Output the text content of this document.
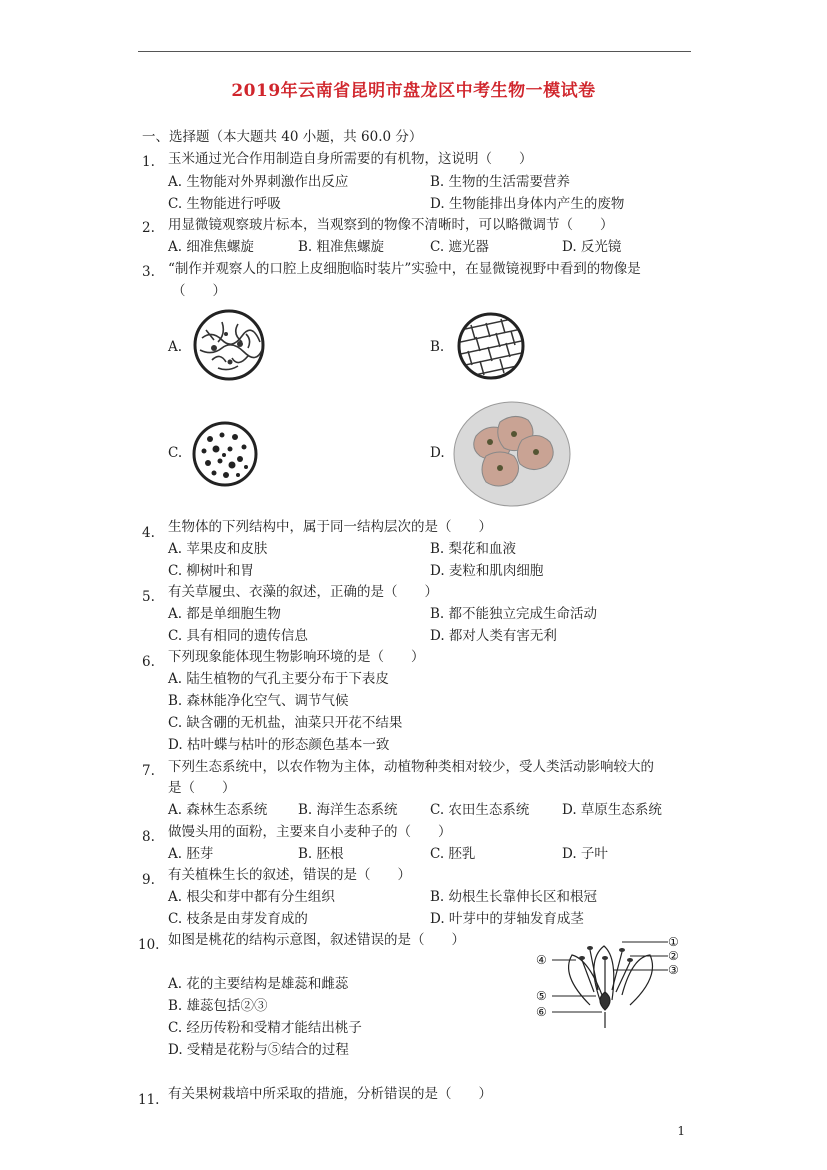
2019年云南省昆明市盘龙区中考生物一模试卷
一、选择题（本大题共 40 小题，共 60.0 分）
1. 玉米通过光合作用制造自身所需要的有机物，这说明（　　）
A. 生物能对外界刺激作出反应	B. 生物的生活需要营养
C. 生物能进行呼吸	D. 生物能排出身体内产生的废物
2. 用显微镜观察玻片标本，当观察到的物像不清晰时，可以略微调节（　　）
A. 细准焦螺旋	B. 粗准焦螺旋	C. 遮光器	D. 反光镜
3. “制作并观察人的口腔上皮细胞临时装片”实验中，在显微镜视野中看到的物像是
（　　）
A.	B.
C.	D.
4. 生物体的下列结构中，属于同一结构层次的是（　　）
A. 苹果皮和皮肤	B. 梨花和血液
C. 柳树叶和胃	D. 麦粒和肌肉细胞
5. 有关草履虫、衣藻的叙述，正确的是（　　）
A. 都是单细胞生物	B. 都不能独立完成生命活动
C. 具有相同的遗传信息	D. 都对人类有害无利
6. 下列现象能体现生物影响环境的是（　　）
A. 陆生植物的气孔主要分布于下表皮
B. 森林能净化空气、调节气候
C. 缺含硼的无机盐，油菜只开花不结果
D. 枯叶蝶与枯叶的形态颜色基本一致
7. 下列生态系统中，以农作物为主体，动植物种类相对较少，受人类活动影响较大的
是（　　）
A. 森林生态系统 B. 海洋生态系统 C. 农田生态系统 D. 草原生态系统
8. 做馒头用的面粉，主要来自小麦种子的（　　）
A. 胚芽	B. 胚根	C. 胚乳	D. 子叶
9. 有关植株生长的叙述，错误的是（　　）
A. 根尖和芽中都有分生组织	B. 幼根生长靠伸长区和根冠
C. 枝条是由芽发育成的	D. 叶芽中的芽轴发育成茎
10. 如图是桃花的结构示意图，叙述错误的是（　　）
A. 花的主要结构是雄蕊和雌蕊
B. 雄蕊包括②③
C. 经历传粉和受精才能结出桃子
D. 受精是花粉与⑤结合的过程
①
②
③
④
⑤
⑥
11. 有关果树栽培中所采取的措施，分析错误的是（　　）
1
